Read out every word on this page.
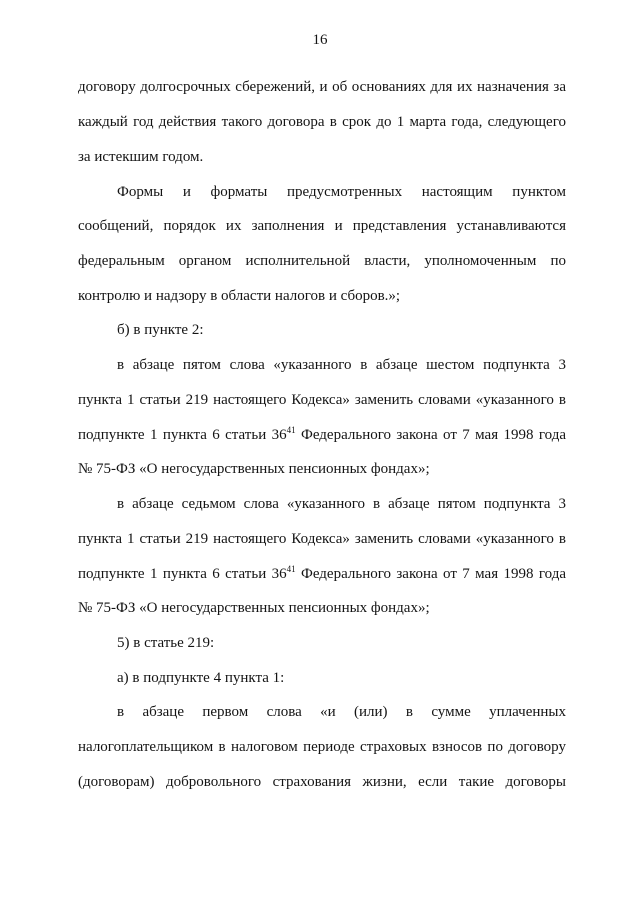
16
договору долгосрочных сбережений, и об основаниях для их назначения за
каждый год действия такого договора в срок до 1 марта года, следующего
за истекшим годом.
Формы и форматы предусмотренных настоящим пунктом
сообщений, порядок их заполнения и представления устанавливаются
федеральным органом исполнительной власти, уполномоченным по
контролю и надзору в области налогов и сборов.»;
б) в пункте 2:
в абзаце пятом слова «указанного в абзаце шестом подпункта 3
пункта 1 статьи 219 настоящего Кодекса» заменить словами «указанного в
подпункте 1 пункта 6 статьи $36^{41}$ Федерального закона от 7 мая 1998 года
№ 75-ФЗ «О негосударственных пенсионных фондах»;
в абзаце седьмом слова «указанного в абзаце пятом подпункта 3
пункта 1 статьи 219 настоящего Кодекса» заменить словами «указанного в
подпункте 1 пункта 6 статьи $36^{41}$ Федерального закона от 7 мая 1998 года
№ 75-ФЗ «О негосударственных пенсионных фондах»;
5) в статье 219:
а) в подпункте 4 пункта 1:
в абзаце первом слова «и (или) в сумме уплаченных
налогоплательщиком в налоговом периоде страховых взносов по договору
(договорам) добровольного страхования жизни, если такие договоры
